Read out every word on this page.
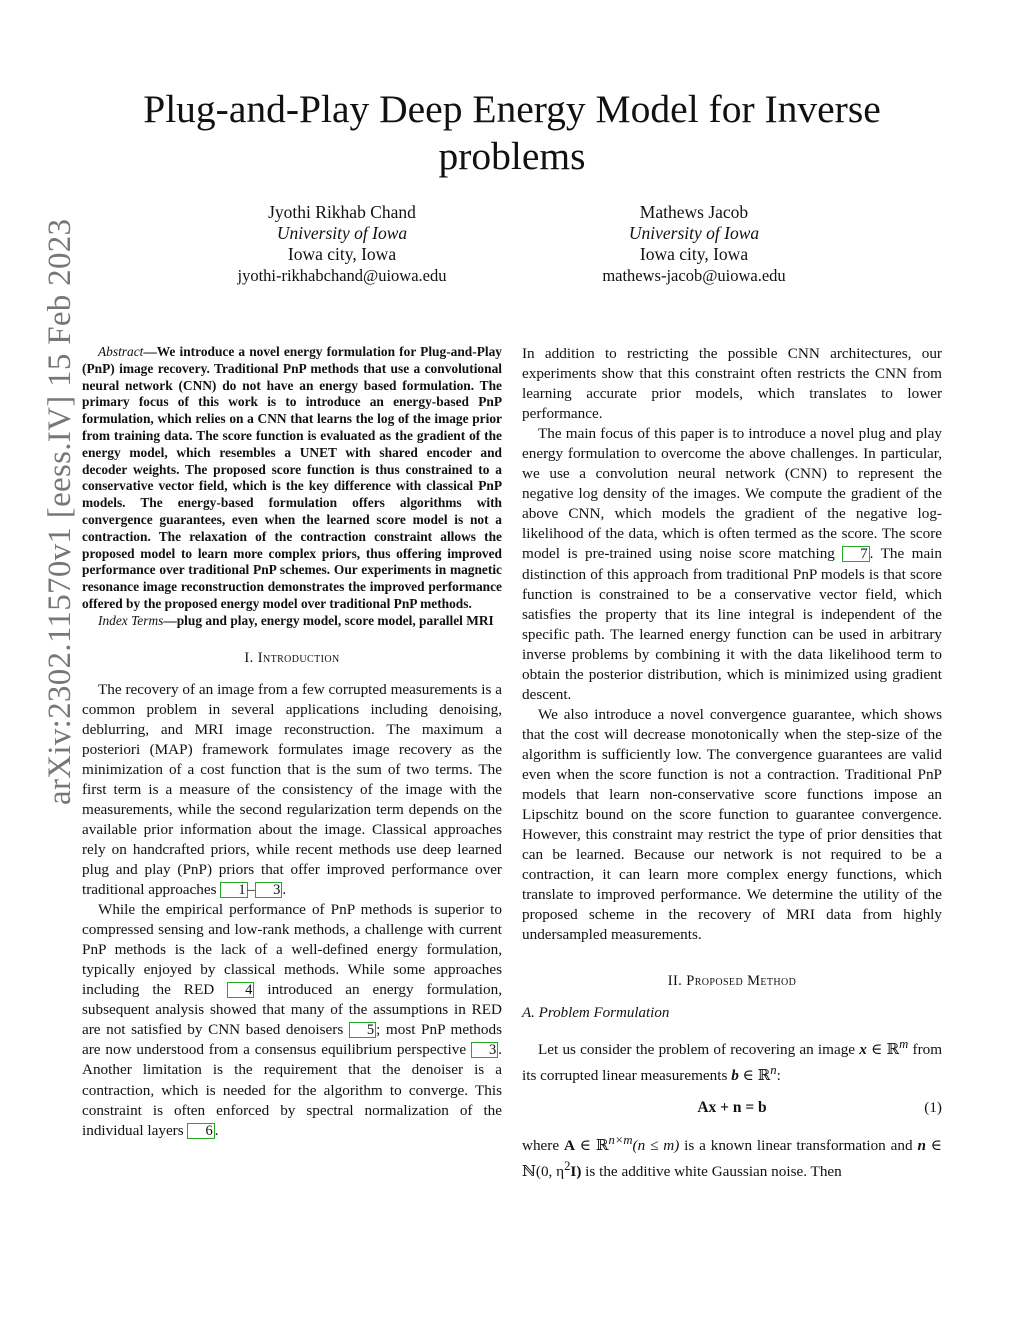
arXiv:2302.11570v1 [eess.IV] 15 Feb 2023
Plug-and-Play Deep Energy Model for Inverse problems
Jyothi Rikhab Chand
University of Iowa
Iowa city, Iowa
jyothi-rikhabchand@uiowa.edu
Mathews Jacob
University of Iowa
Iowa city, Iowa
mathews-jacob@uiowa.edu

Abstract—We introduce a novel energy formulation for Plug-and-Play (PnP) image recovery. Traditional PnP methods that use a convolutional neural network (CNN) do not have an energy based formulation. The primary focus of this work is to introduce an energy-based PnP formulation, which relies on a CNN that learns the log of the image prior from training data. The score function is evaluated as the gradient of the energy model, which resembles a UNET with shared encoder and decoder weights. The proposed score function is thus constrained to a conservative vector field, which is the key difference with classical PnP models. The energy-based formulation offers algorithms with convergence guarantees, even when the learned score model is not a contraction. The relaxation of the contraction constraint allows the proposed model to learn more complex priors, thus offering improved performance over traditional PnP schemes. Our experiments in magnetic resonance image reconstruction demonstrates the improved performance offered by the proposed energy model over traditional PnP methods.

Index Terms—plug and play, energy model, score model, parallel MRI

I. Introduction

The recovery of an image from a few corrupted measurements is a common problem in several applications including denoising, deblurring, and MRI image reconstruction. The maximum a posteriori (MAP) framework formulates image recovery as the minimization of a cost function that is the sum of two terms. The first term is a measure of the consistency of the image with the measurements, while the second regularization term depends on the available prior information about the image. Classical approaches rely on handcrafted priors, while recent methods use deep learned plug and play (PnP) priors that offer improved performance over traditional approaches 1 – 3 .

While the empirical performance of PnP methods is superior to compressed sensing and low-rank methods, a challenge with current PnP methods is the lack of a well-defined energy formulation, typically enjoyed by classical methods. While some approaches including the RED 4 introduced an energy formulation, subsequent analysis showed that many of the assumptions in RED are not satisfied by CNN based denoisers 5 ; most PnP methods are now understood from a consensus equilibrium perspective 3 . Another limitation is the requirement that the denoiser is a contraction, which is needed for the algorithm to converge. This constraint is often enforced by spectral normalization of the individual layers 6 .

In addition to restricting the possible CNN architectures, our experiments show that this constraint often restricts the CNN from learning accurate prior models, which translates to lower performance.

The main focus of this paper is to introduce a novel plug and play energy formulation to overcome the above challenges. In particular, we use a convolution neural network (CNN) to represent the negative log density of the images. We compute the gradient of the above CNN, which models the gradient of the negative log-likelihood of the data, which is often termed as the score. The score model is pre-trained using noise score matching 7 . The main distinction of this approach from traditional PnP models is that score function is constrained to be a conservative vector field, which satisfies the property that its line integral is independent of the specific path. The learned energy function can be used in arbitrary inverse problems by combining it with the data likelihood term to obtain the posterior distribution, which is minimized using gradient descent.

We also introduce a novel convergence guarantee, which shows that the cost will decrease monotonically when the step-size of the algorithm is sufficiently low. The convergence guarantees are valid even when the score function is not a contraction. Traditional PnP models that learn non-conservative score functions impose an Lipschitz bound on the score function to guarantee convergence. However, this constraint may restrict the type of prior densities that can be learned. Because our network is not required to be a contraction, it can learn more complex energy functions, which translate to improved performance. We determine the utility of the proposed scheme in the recovery of MRI data from highly undersampled measurements.

II. Proposed Method
A. Problem Formulation

Let us consider the problem of recovering an image x ∈ ℝ$^m$ from its corrupted linear measurements b ∈ ℝ$^n$:

Ax + n = b	(1)

where A ∈ ℝ$^{n\times m}$(n ≤ m) is a known linear transformation and n ∈ ℕ(0, $\eta^2I$) is the additive white Gaussian noise. Then
